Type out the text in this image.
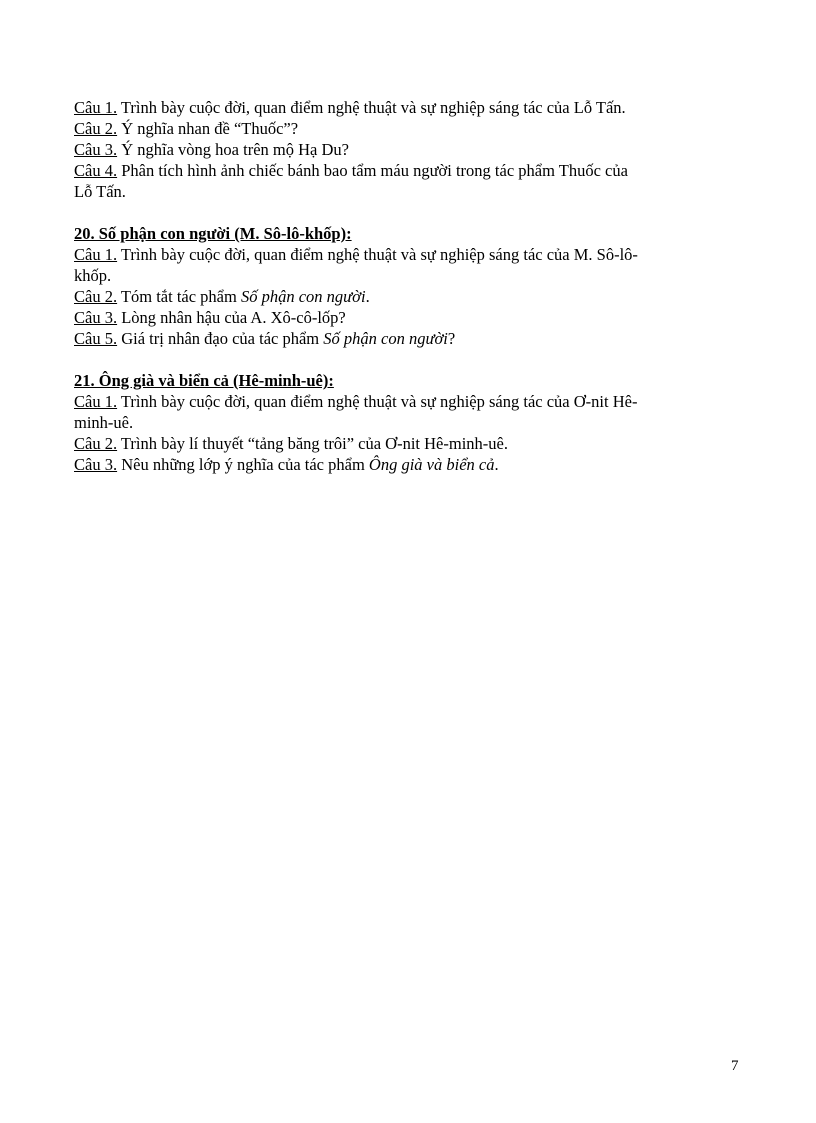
Câu 1. Trình bày cuộc đời, quan điểm nghệ thuật và sự nghiệp sáng tác của Lỗ Tấn.

Câu 2. Ý nghĩa nhan đề “Thuốc”?

Câu 3. Ý nghĩa vòng hoa trên mộ Hạ Du?

Câu 4. Phân tích hình ảnh chiếc bánh bao tẩm máu người trong tác phẩm Thuốc của

Lỗ Tấn.

20. Số phận con người (M. Sô-lô-khốp):

Câu 1. Trình bày cuộc đời, quan điểm nghệ thuật và sự nghiệp sáng tác của M. Sô-lô-

khốp.

Câu 2. Tóm tắt tác phẩm Số phận con người.

Câu 3. Lòng nhân hậu của A. Xô-cô-lốp?

Câu 5. Giá trị nhân đạo của tác phẩm Số phận con người?

21. Ông già và biển cả (Hê-minh-uê):

Câu 1. Trình bày cuộc đời, quan điểm nghệ thuật và sự nghiệp sáng tác của Ơ-nit Hê-

minh-uê.

Câu 2. Trình bày lí thuyết “tảng băng trôi” của Ơ-nit Hê-minh-uê.

Câu 3. Nêu những lớp ý nghĩa của tác phẩm Ông già và biển cả.

7
